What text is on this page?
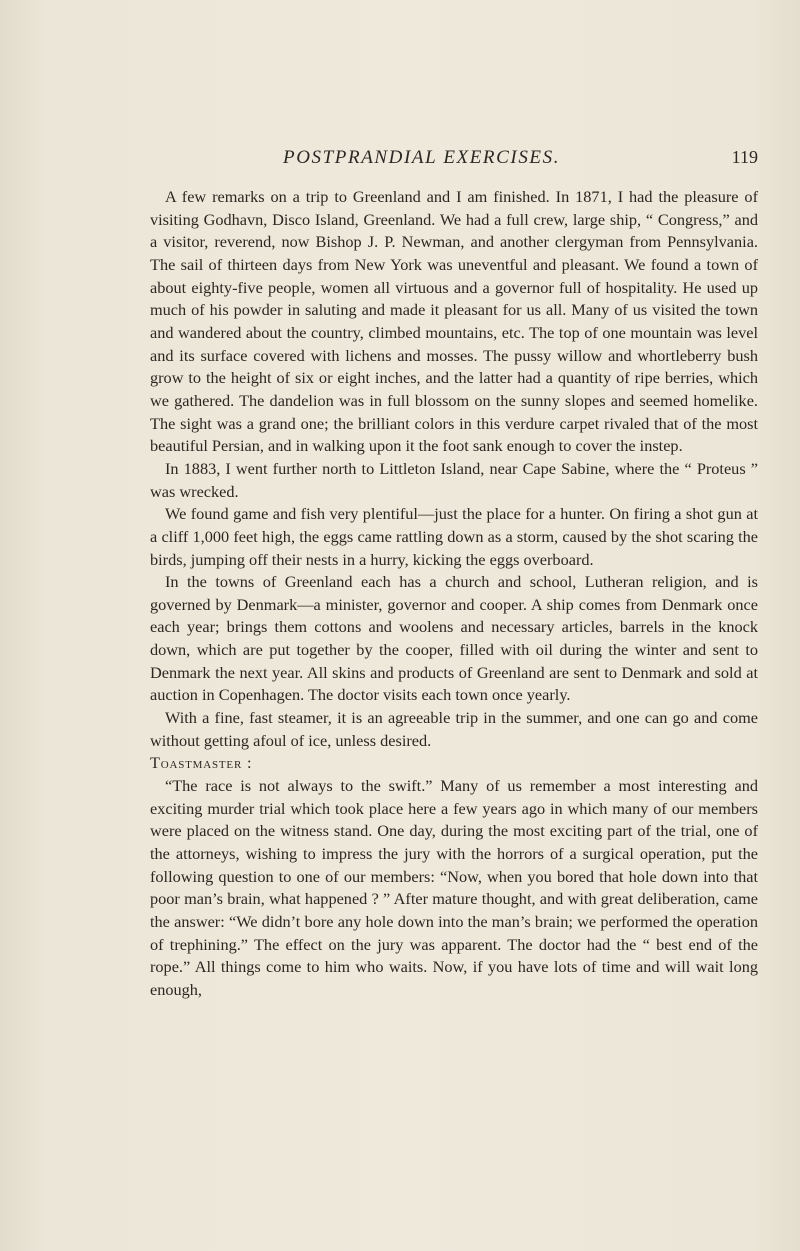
POSTPRANDIAL EXERCISES.	119

A few remarks on a trip to Greenland and I am finished. In 1871, I had the pleasure of visiting Godhavn, Disco Island, Greenland. We had a full crew, large ship, “ Congress,” and a visitor, reverend, now Bishop J. P. Newman, and another clergyman from Pennsylvania. The sail of thirteen days from New York was uneventful and pleasant. We found a town of about eighty-five people, women all virtuous and a governor full of hospitality. He used up much of his powder in saluting and made it pleasant for us all. Many of us visited the town and wandered about the country, climbed mountains, etc. The top of one mountain was level and its surface covered with lichens and mosses. The pussy willow and whortleberry bush grow to the height of six or eight inches, and the latter had a quantity of ripe berries, which we gathered. The dandelion was in full blossom on the sunny slopes and seemed homelike. The sight was a grand one; the brilliant colors in this verdure carpet rivaled that of the most beautiful Persian, and in walking upon it the foot sank enough to cover the instep.

In 1883, I went further north to Littleton Island, near Cape Sabine, where the “ Proteus ” was wrecked.

We found game and fish very plentiful—just the place for a hunter. On firing a shot gun at a cliff 1,000 feet high, the eggs came rattling down as a storm, caused by the shot scaring the birds, jumping off their nests in a hurry, kicking the eggs overboard.

In the towns of Greenland each has a church and school, Lutheran religion, and is governed by Denmark—a minister, governor and cooper. A ship comes from Denmark once each year; brings them cottons and woolens and necessary articles, barrels in the knock down, which are put together by the cooper, filled with oil during the winter and sent to Denmark the next year. All skins and products of Greenland are sent to Denmark and sold at auction in Copenhagen. The doctor visits each town once yearly.

With a fine, fast steamer, it is an agreeable trip in the summer, and one can go and come without getting afoul of ice, unless desired.

Toastmaster :

“The race is not always to the swift.” Many of us remember a most interesting and exciting murder trial which took place here a few years ago in which many of our members were placed on the witness stand. One day, during the most exciting part of the trial, one of the attorneys, wishing to impress the jury with the horrors of a surgical operation, put the following question to one of our members: “Now, when you bored that hole down into that poor man’s brain, what happened ? ” After mature thought, and with great deliberation, came the answer: “We didn’t bore any hole down into the man’s brain; we performed the operation of trephining.” The effect on the jury was apparent. The doctor had the “ best end of the rope.” All things come to him who waits. Now, if you have lots of time and will wait long enough,
